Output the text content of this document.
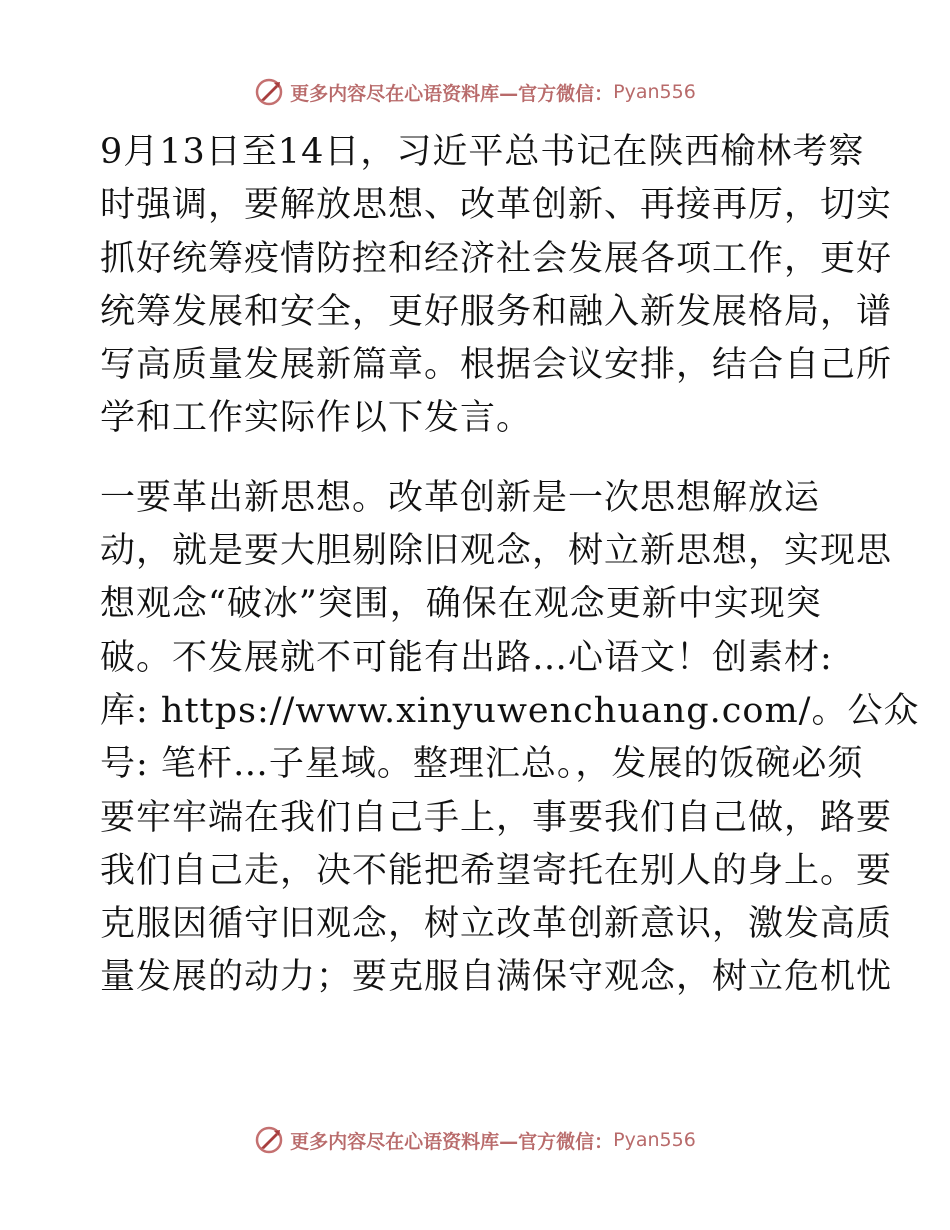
更多内容尽在心语资料库—官方微信： Pyan556
9月13日至14日，习近平总书记在陕西榆林考察
时强调，要解放思想、改革创新、再接再厉，切实
抓好统筹疫情防控和经济社会发展各项工作，更好
统筹发展和安全，更好服务和融入新发展格局，谱
写高质量发展新篇章。根据会议安排，结合自己所
学和工作实际作以下发言。
一要革出新思想。改革创新是一次思想解放运
动，就是要大胆剔除旧观念，树立新思想，实现思
想观念“破冰”突围，确保在观念更新中实现突
破。不发展就不可能有出路…心语文！创素材:
库: https://www.xinyuwenchuang.com/。公众
号: 笔杆…子星域。整理汇总。，发展的饭碗必须
要牢牢端在我们自己手上，事要我们自己做，路要
我们自己走，决不能把希望寄托在别人的身上。要
克服因循守旧观念，树立改革创新意识，激发高质
量发展的动力；要克服自满保守观念，树立危机忧
更多内容尽在心语资料库—官方微信： Pyan556
